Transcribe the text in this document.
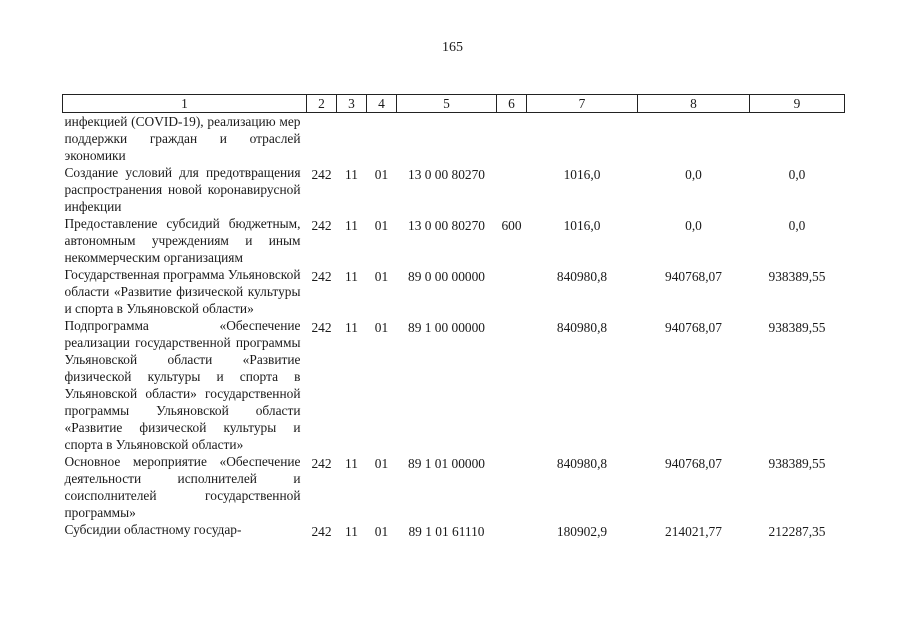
165
1	2	3	4	5	6	7	8	9
инфекцией (COVID-19), реализацию мер поддержки граждан и отраслей экономики								
Создание условий для предотвращения распространения новой коронавирусной инфекции	242	11	01	13 0 00 80270		1016,0	0,0	0,0
Предоставление субсидий бюджетным, автономным учреждениям и иным некоммерческим организациям	242	11	01	13 0 00 80270	600	1016,0	0,0	0,0
Государственная программа Ульяновской области «Развитие физической культуры и спорта в Ульяновской области»	242	11	01	89 0 00 00000		840980,8	940768,07	938389,55
Подпрограмма «Обеспечение реализации государственной программы Ульяновской области «Развитие физической культуры и спорта в Ульяновской области» государственной программы Ульяновской области «Развитие физической культуры и спорта в Ульяновской области»	242	11	01	89 1 00 00000		840980,8	940768,07	938389,55
Основное мероприятие «Обеспечение деятельности исполнителей и соисполнителей государственной программы»	242	11	01	89 1 01 00000		840980,8	940768,07	938389,55
Субсидии областному государ-	242	11	01	89 1 01 61110		180902,9	214021,77	212287,35
